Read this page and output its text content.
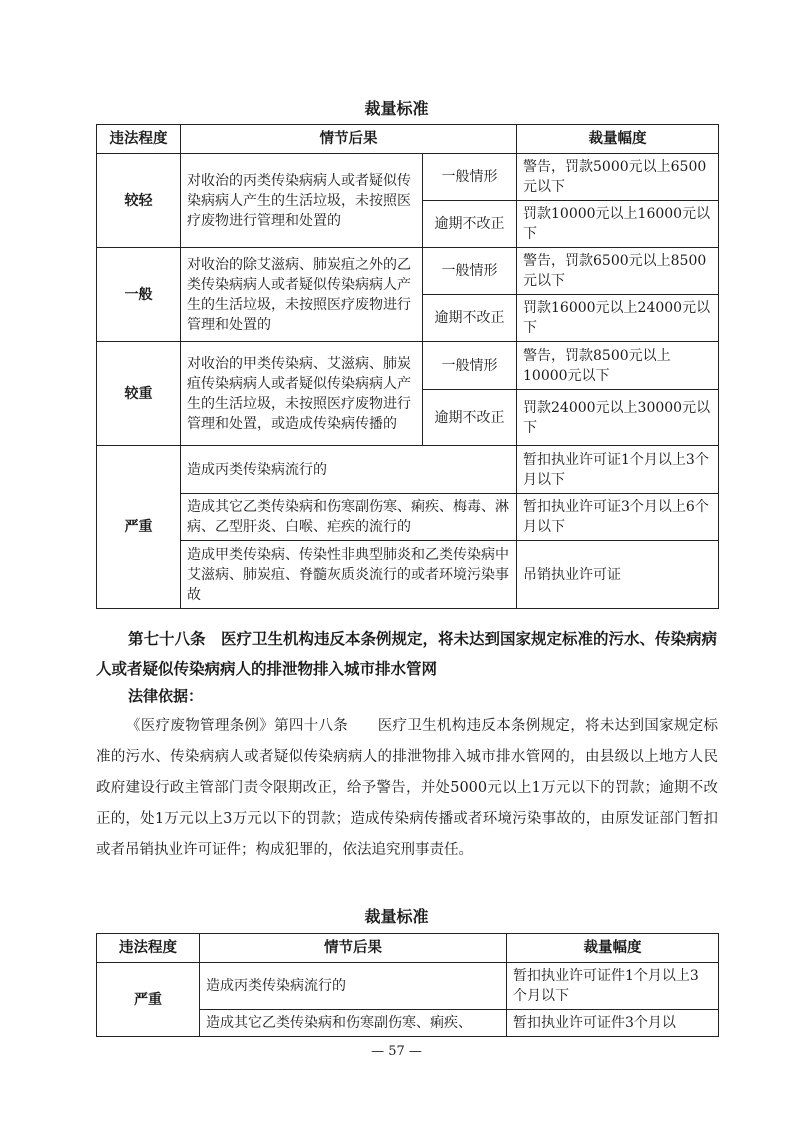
裁量标准
违法程度	情节后果		裁量幅度
较轻	对收治的丙类传染病病人或者疑似传染病病人产生的生活垃圾，未按照医疗废物进行管理和处置的	一般情形	警告，罚款5000元以上6500元以下
		逾期不改正	罚款10000元以上16000元以下
一般	对收治的除艾滋病、肺炭疽之外的乙类传染病病人或者疑似传染病病人产生的生活垃圾，未按照医疗废物进行管理和处置的	一般情形	警告，罚款6500元以上8500元以下
		逾期不改正	罚款16000元以上24000元以下
较重	对收治的甲类传染病、艾滋病、肺炭疽传染病病人或者疑似传染病病人产生的生活垃圾，未按照医疗废物进行管理和处置，或造成传染病传播的	一般情形	警告，罚款8500元以上10000元以下
		逾期不改正	罚款24000元以上30000元以下
严重	造成丙类传染病流行的		暂扣执业许可证1个月以上3个月以下
	造成其它乙类传染病和伤寒副伤寒、痢疾、梅毒、淋病、乙型肝炎、白喉、疟疾的流行的		暂扣执业许可证3个月以上6个月以下
	造成甲类传染病、传染性非典型肺炎和乙类传染病中艾滋病、肺炭疽、脊髓灰质炎流行的或者环境污染事故		吊销执业许可证
第七十八条　医疗卫生机构违反本条例规定，将未达到国家规定标准的污水、传染病病人或者疑似传染病病人的排泄物排入城市排水管网
法律依据：
《医疗废物管理条例》第四十八条　　医疗卫生机构违反本条例规定，将未达到国家规定标准的污水、传染病病人或者疑似传染病病人的排泄物排入城市排水管网的，由县级以上地方人民政府建设行政主管部门责令限期改正，给予警告，并处5000元以上1万元以下的罚款；逾期不改正的，处1万元以上3万元以下的罚款；造成传染病传播或者环境污染事故的，由原发证部门暂扣或者吊销执业许可证件；构成犯罪的，依法追究刑事责任。
裁量标准
违法程度	情节后果	裁量幅度
严重	造成丙类传染病流行的	暂扣执业许可证件1个月以上3个月以下
	造成其它乙类传染病和伤寒副伤寒、痢疾、	暂扣执业许可证件3个月以
— 57 —
